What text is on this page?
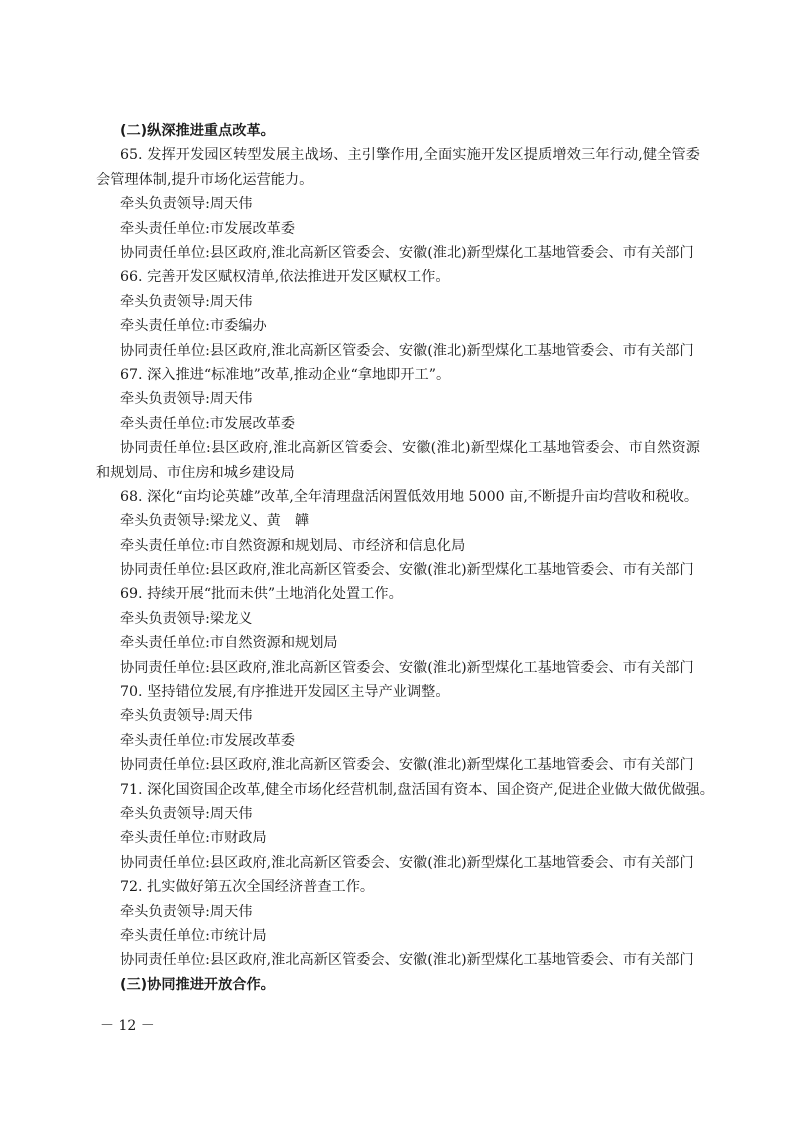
(二)纵深推进重点改革。
65. 发挥开发园区转型发展主战场、主引擎作用,全面实施开发区提质增效三年行动,健全管委会管理体制,提升市场化运营能力。
牵头负责领导:周天伟
牵头责任单位:市发展改革委
协同责任单位:县区政府,淮北高新区管委会、安徽(淮北)新型煤化工基地管委会、市有关部门
66. 完善开发区赋权清单,依法推进开发区赋权工作。
牵头负责领导:周天伟
牵头责任单位:市委编办
协同责任单位:县区政府,淮北高新区管委会、安徽(淮北)新型煤化工基地管委会、市有关部门
67. 深入推进“标准地”改革,推动企业“拿地即开工”。
牵头负责领导:周天伟
牵头责任单位:市发展改革委
协同责任单位:县区政府,淮北高新区管委会、安徽(淮北)新型煤化工基地管委会、市自然资源和规划局、市住房和城乡建设局
68. 深化“亩均论英雄”改革,全年清理盘活闲置低效用地 5000 亩,不断提升亩均营收和税收。
牵头负责领导:梁龙义、黄　韡
牵头责任单位:市自然资源和规划局、市经济和信息化局
协同责任单位:县区政府,淮北高新区管委会、安徽(淮北)新型煤化工基地管委会、市有关部门
69. 持续开展“批而未供”土地消化处置工作。
牵头负责领导:梁龙义
牵头责任单位:市自然资源和规划局
协同责任单位:县区政府,淮北高新区管委会、安徽(淮北)新型煤化工基地管委会、市有关部门
70. 坚持错位发展,有序推进开发园区主导产业调整。
牵头负责领导:周天伟
牵头责任单位:市发展改革委
协同责任单位:县区政府,淮北高新区管委会、安徽(淮北)新型煤化工基地管委会、市有关部门
71. 深化国资国企改革,健全市场化经营机制,盘活国有资本、国企资产,促进企业做大做优做强。
牵头负责领导:周天伟
牵头责任单位:市财政局
协同责任单位:县区政府,淮北高新区管委会、安徽(淮北)新型煤化工基地管委会、市有关部门
72. 扎实做好第五次全国经济普查工作。
牵头负责领导:周天伟
牵头责任单位:市统计局
协同责任单位:县区政府,淮北高新区管委会、安徽(淮北)新型煤化工基地管委会、市有关部门
(三)协同推进开放合作。
－ 12 －
